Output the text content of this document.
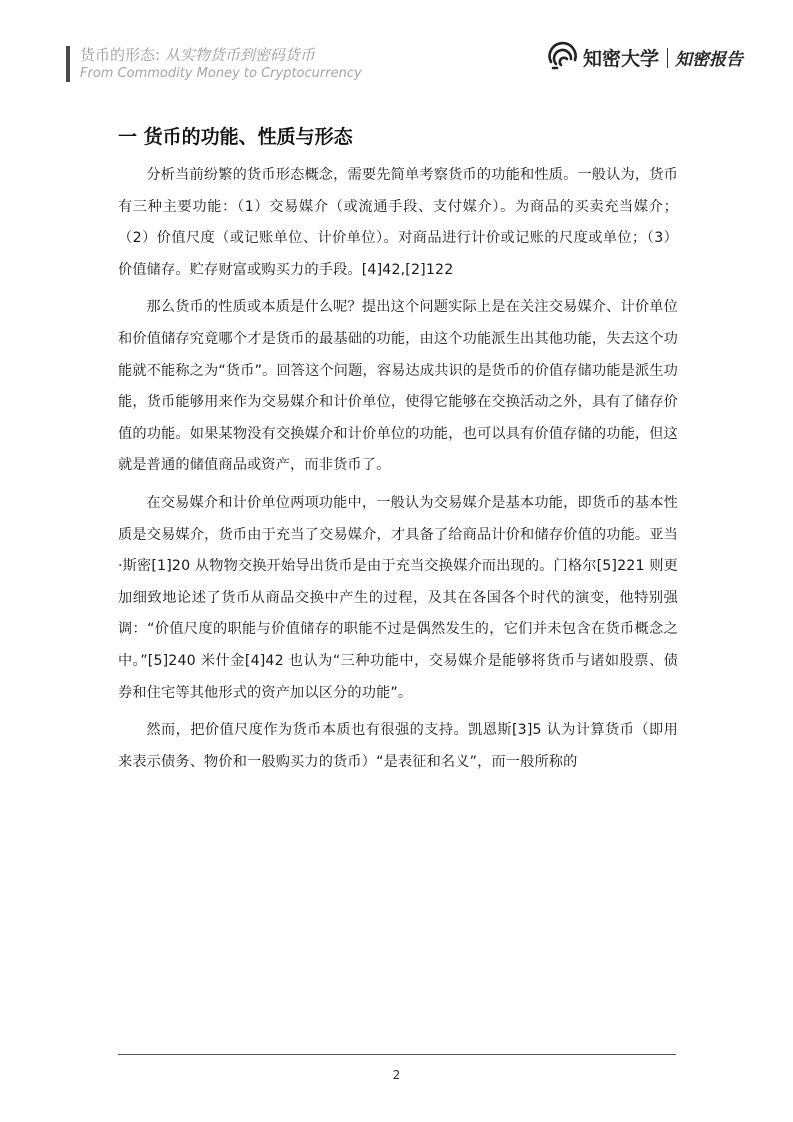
货币的形态: 从实物货币到密码货币
From Commodity Money to Cryptocurrency
知密大学 知密报告
一 货币的功能、性质与形态

分析当前纷繁的货币形态概念，需要先简单考察货币的功能和性质。一般认为，货币有三种主要功能：（1）交易媒介（或流通手段、支付媒介）。为商品的买卖充当媒介；（2）价值尺度（或记账单位、计价单位）。对商品进行计价或记账的尺度或单位；（3）价值储存。贮存财富或购买力的手段。[4]42,[2]122

那么货币的性质或本质是什么呢？提出这个问题实际上是在关注交易媒介、计价单位和价值储存究竟哪个才是货币的最基础的功能，由这个功能派生出其他功能，失去这个功能就不能称之为“货币”。回答这个问题，容易达成共识的是货币的价值存储功能是派生功能，货币能够用来作为交易媒介和计价单位，使得它能够在交换活动之外，具有了储存价值的功能。如果某物没有交换媒介和计价单位的功能，也可以具有价值存储的功能，但这就是普通的储值商品或资产，而非货币了。

在交易媒介和计价单位两项功能中，一般认为交易媒介是基本功能，即货币的基本性质是交易媒介，货币由于充当了交易媒介，才具备了给商品计价和储存价值的功能。亚当·斯密[1]20 从物物交换开始导出货币是由于充当交换媒介而出现的。门格尔[5]221 则更加细致地论述了货币从商品交换中产生的过程，及其在各国各个时代的演变，他特别强调：“价值尺度的职能与价值储存的职能不过是偶然发生的，它们并未包含在货币概念之中。”[5]240 米什金[4]42 也认为“三种功能中，交易媒介是能够将货币与诸如股票、债券和住宅等其他形式的资产加以区分的功能”。

然而，把价值尺度作为货币本质也有很强的支持。凯恩斯[3]5 认为计算货币（即用来表示债务、物价和一般购买力的货币）“是表征和名义”，而一般所称的

2
